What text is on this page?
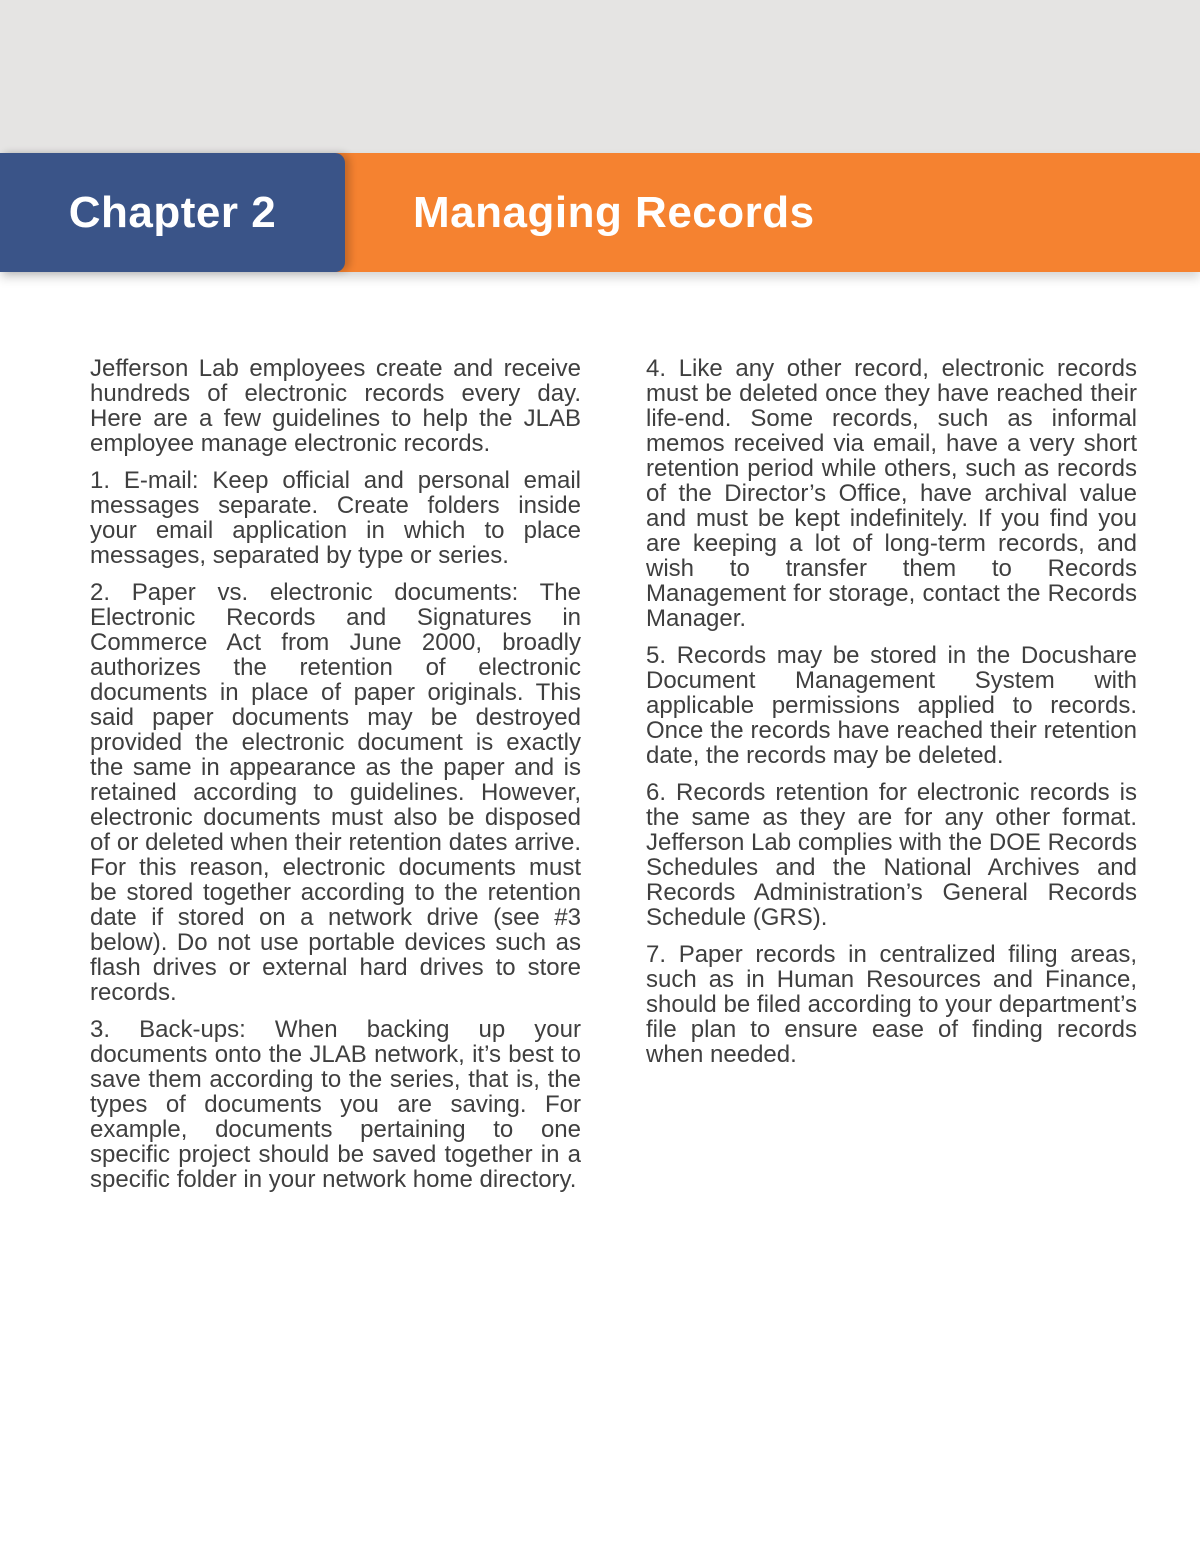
Managing Records
Chapter 2

Jefferson Lab employees create and receive hundreds of electronic records every day. Here are a few guidelines to help the JLAB employee manage electronic records.

1. E-mail: Keep official and personal email messages separate. Create folders inside your email application in which to place messages, separated by type or series.

2. Paper vs. electronic documents: The Electronic Records and Signatures in Commerce Act from June 2000, broadly authorizes the retention of electronic documents in place of paper originals. This said paper documents may be destroyed provided the electronic document is exactly the same in appearance as the paper and is retained according to guidelines. However, electronic documents must also be disposed of or deleted when their retention dates arrive. For this reason, electronic documents must be stored together according to the retention date if stored on a network drive (see #3 below). Do not use portable devices such as flash drives or external hard drives to store records.

3. Back-ups: When backing up your documents onto the JLAB network, it’s best to save them according to the series, that is, the types of documents you are saving. For example, documents pertaining to one specific project should be saved together in a specific folder in your network home directory.

4. Like any other record, electronic records must be deleted once they have reached their life-end. Some records, such as informal memos received via email, have a very short retention period while others, such as records of the Director’s Office, have archival value and must be kept indefinitely. If you find you are keeping a lot of long-term records, and wish to transfer them to Records Management for storage, contact the Records Manager.

5. Records may be stored in the Docushare Document Management System with applicable permissions applied to records. Once the records have reached their retention date, the records may be deleted.

6. Records retention for electronic records is the same as they are for any other format. Jefferson Lab complies with the DOE Records Schedules and the National Archives and Records Administration’s General Records Schedule (GRS).

7. Paper records in centralized filing areas, such as in Human Resources and Finance, should be filed according to your department’s file plan to ensure ease of finding records when needed.
